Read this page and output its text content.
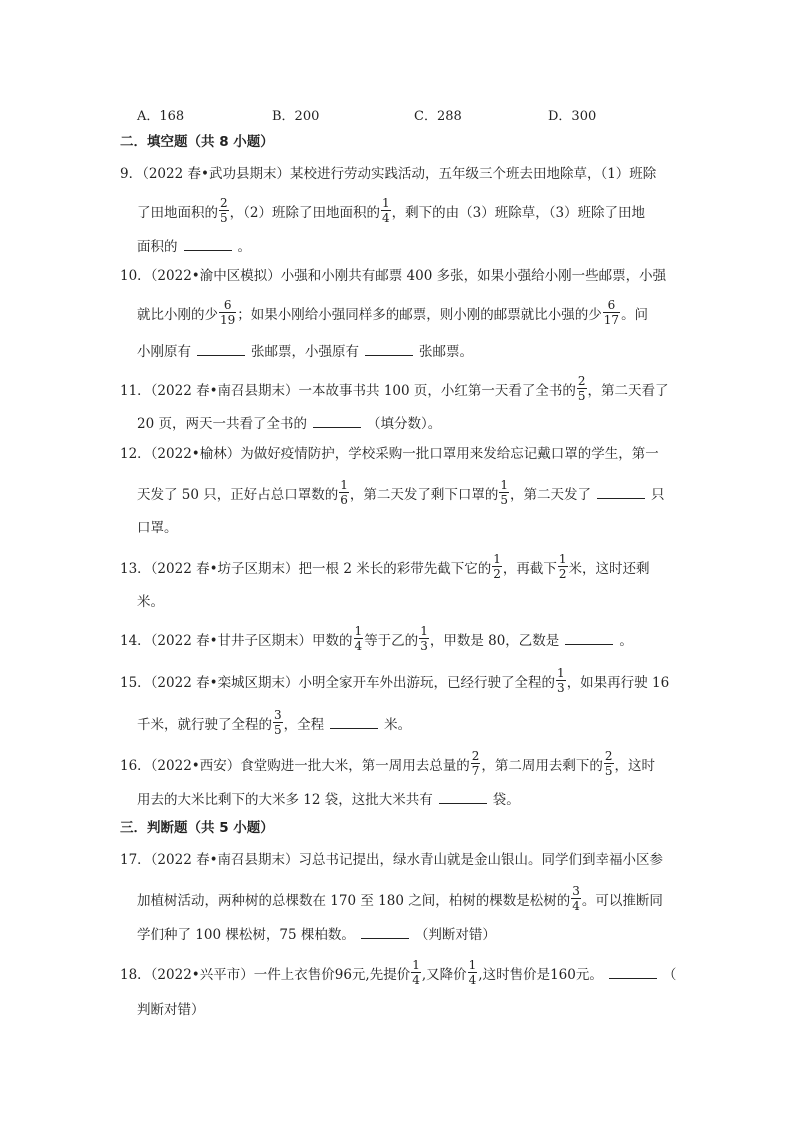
A．168	B．200	C．288	D．300
二．填空题（共 8 小题）
9．（2022 春•武功县期末）某校进行劳动实践活动，五年级三个班去田地除草，（1）班除
了田地面积的 $\frac{2}{5}$ ，（2）班除了田地面积的 $\frac{1}{4}$ ，剩下的由（3）班除草，（3）班除了田地
面积的	。
10．（2022•渝中区模拟）小强和小刚共有邮票 400 多张，如果小强给小刚一些邮票，小强
就比小刚的少 $\frac{6}{19}$ ；如果小刚给小强同样多的邮票，则小刚的邮票就比小强的少 $\frac{6}{17}$ 。问
小刚原有	张邮票，小强原有	张邮票。
11．（2022 春•南召县期末）一本故事书共 100 页，小红第一天看了全书的 $\frac{2}{5}$ ，第二天看了
20 页，两天一共看了全书的	（填分数）。
12．（2022•榆林）为做好疫情防护，学校采购一批口罩用来发给忘记戴口罩的学生，第一
天发了 50 只，正好占总口罩数的 $\frac{1}{6}$ ，第二天发了剩下口罩的 $\frac{1}{5}$ ，第二天发了	只
口罩。
13．（2022 春•坊子区期末）把一根 2 米长的彩带先截下它的 $\frac{1}{2}$ ，再截下 $\frac{1}{2}$ 米，这时还剩
米。
14．（2022 春•甘井子区期末）甲数的 $\frac{1}{4}$ 等于乙的 $\frac{1}{3}$ ，甲数是 80，乙数是	。
15．（2022 春•栾城区期末）小明全家开车外出游玩，已经行驶了全程的 $\frac{1}{3}$ ，如果再行驶 16
千米，就行驶了全程的 $\frac{3}{5}$ ，全程	米。
16．（2022•西安）食堂购进一批大米，第一周用去总量的 $\frac{2}{7}$ ，第二周用去剩下的 $\frac{2}{5}$ ，这时
用去的大米比剩下的大米多 12 袋，这批大米共有	袋。
三．判断题（共 5 小题）
17．（2022 春•南召县期末）习总书记提出，绿水青山就是金山银山。同学们到幸福小区参
加植树活动，两种树的总棵数在 170 至 180 之间，柏树的棵数是松树的 $\frac{3}{4}$ 。可以推断同
学们种了 100 棵松树，75 棵柏数。	（判断对错）
18．（2022•兴平市）一件上衣售价96元,先提价 $\frac{1}{4}$ ,又降价 $\frac{1}{4}$ ,这时售价是160元。	（
判断对错）
